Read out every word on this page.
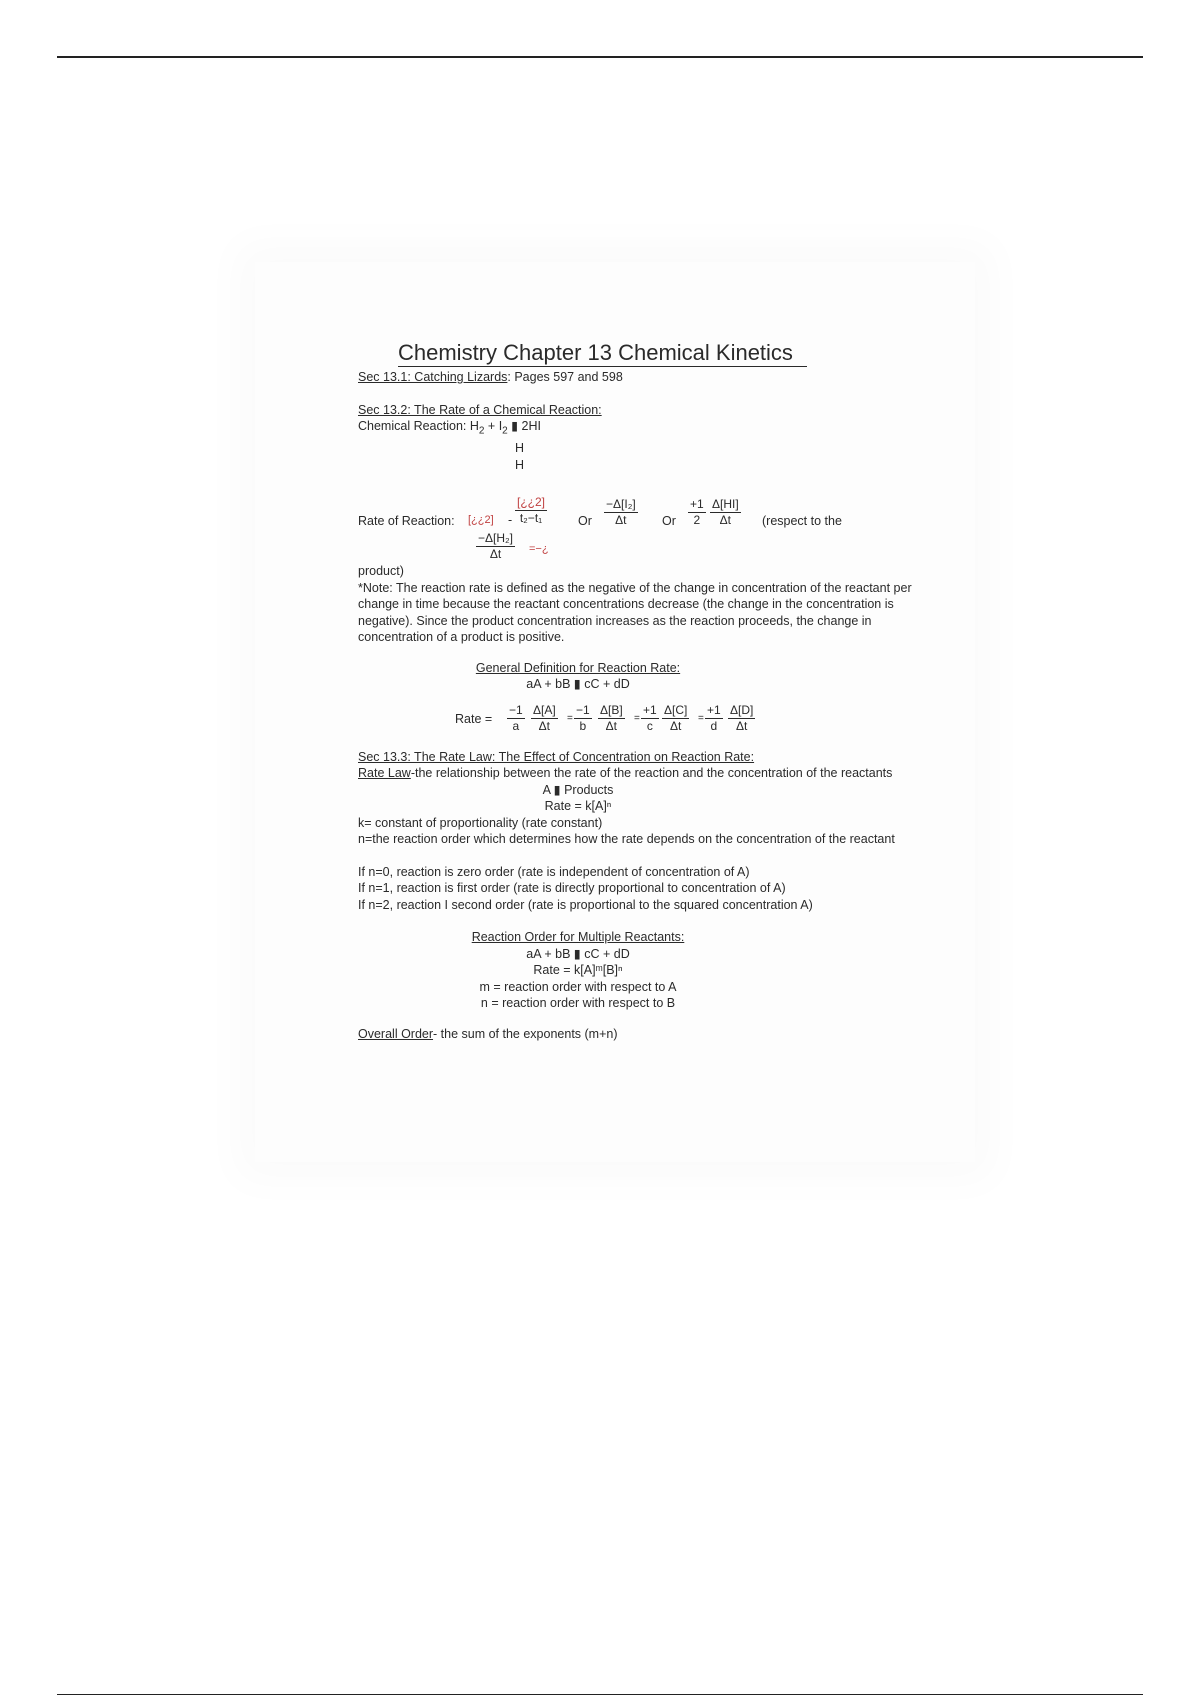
Chemistry Chapter 13 Chemical Kinetics

Sec 13.1: Catching Lizards: Pages 597 and 598

Sec 13.2: The Rate of a Chemical Reaction:

Chemical Reaction: $H_2 + I_2$ ▮ 2HI

H

H

Rate of Reaction: [¿¿2] - $\frac{[¿¿2]}{\text{t₂−t₁}}$ Or $\frac{\text{−Δ[I₂]}}{\Delta t}$ Or $\frac{+1}{2} \frac{\Delta[HI]}{\Delta t}$ (respect to the
$\frac{\text{−Δ[H₂]}}{\Delta t}$ =−¿

product)

*Note: The reaction rate is defined as the negative of the change in concentration of the reactant per change in time because the reactant concentrations decrease (the change in the concentration is negative). Since the product concentration increases as the reaction proceeds, the change in concentration of a product is positive.

General Definition for Reaction Rate:

aA + bB ▮ cC + dD

Rate = $\frac{-1}{a} \frac{\Delta[A]}{\Delta t} = \frac{-1}{b} \frac{\Delta[B]}{\Delta t} = \frac{+1}{c} \frac{\Delta[C]}{\Delta t} = \frac{+1}{d} \frac{\Delta[D]}{\Delta t}$

Sec 13.3: The Rate Law: The Effect of Concentration on Reaction Rate:

Rate Law-the relationship between the rate of the reaction and the concentration of the reactants

A ▮ Products

Rate = k[A]ⁿ

k= constant of proportionality (rate constant)

n=the reaction order which determines how the rate depends on the concentration of the reactant

If n=0, reaction is zero order (rate is independent of concentration of A)

If n=1, reaction is first order (rate is directly proportional to concentration of A)

If n=2, reaction I second order (rate is proportional to the squared concentration A)

Reaction Order for Multiple Reactants:

aA + bB ▮ cC + dD

Rate = k[A]ᵐ[B]ⁿ

m = reaction order with respect to A

n = reaction order with respect to B

Overall Order- the sum of the exponents (m+n)
